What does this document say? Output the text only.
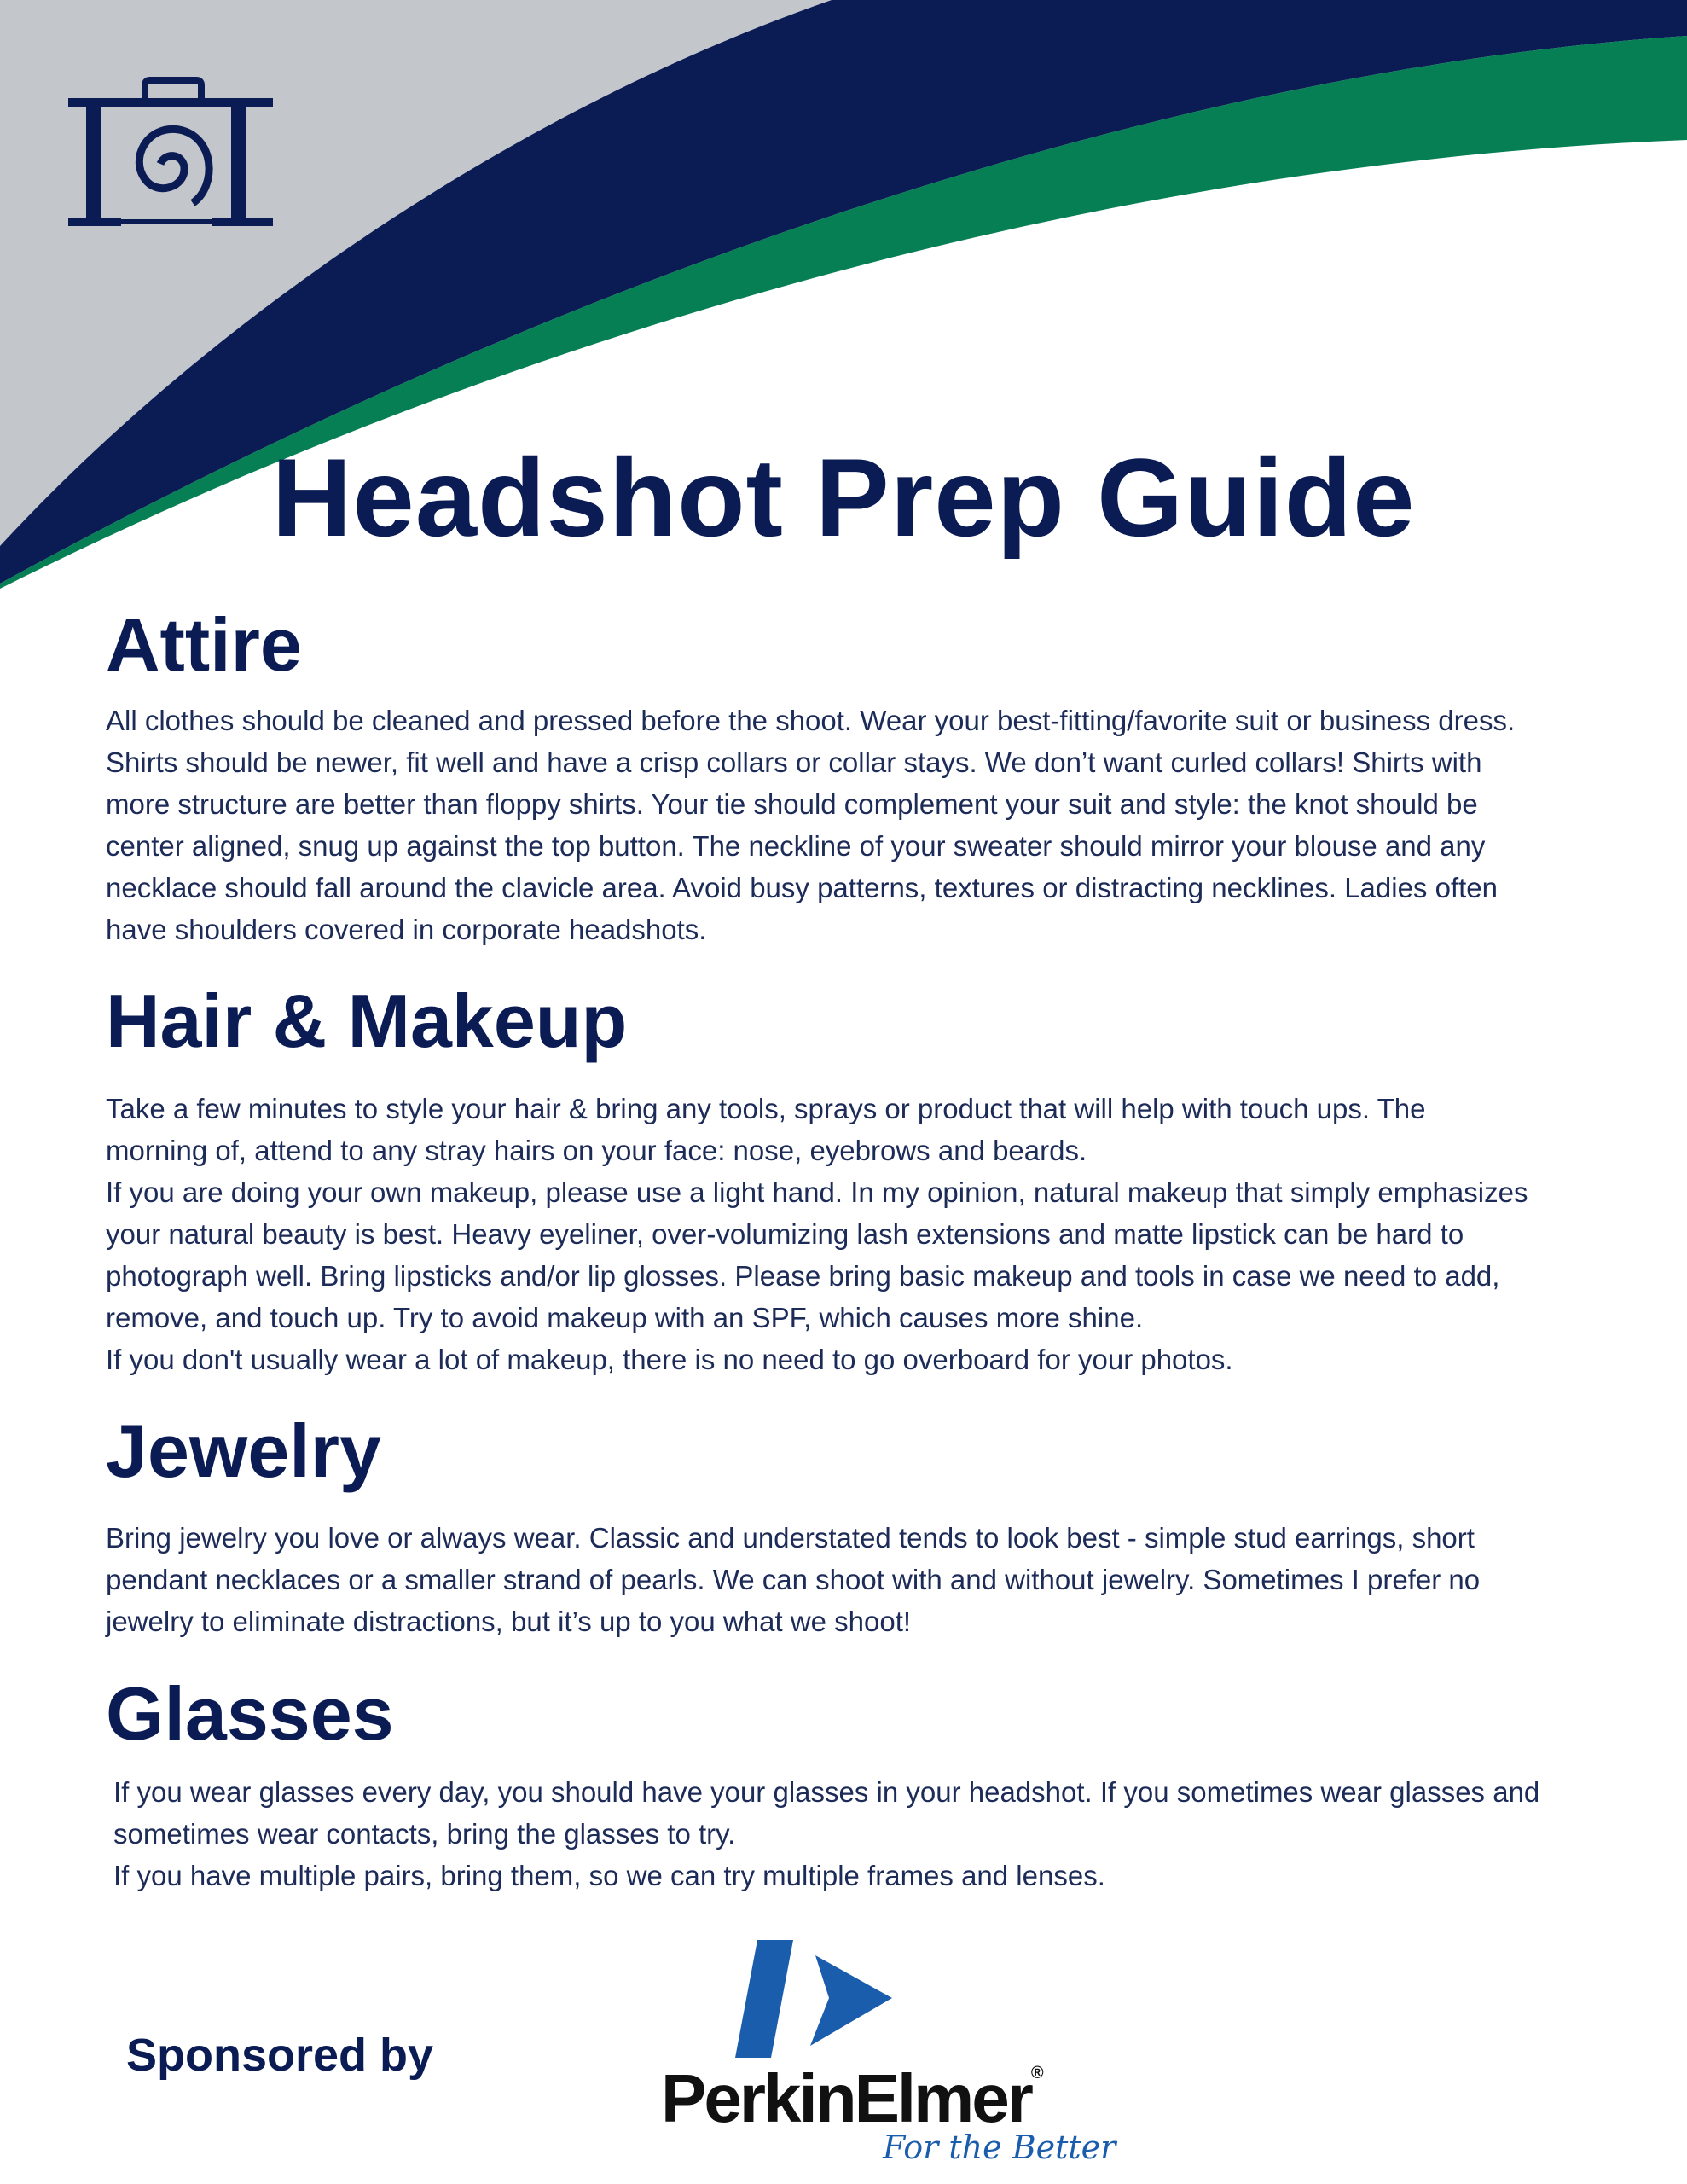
Headshot Prep Guide
Attire

All clothes should be cleaned and pressed before the shoot. Wear your best-fitting/favorite suit or business dress.

Shirts should be newer, fit well and have a crisp collars or collar stays. We don’t want curled collars! Shirts with

more structure are better than floppy shirts. Your tie should complement your suit and style: the knot should be

center aligned, snug up against the top button. The neckline of your sweater should mirror your blouse and any

necklace should fall around the clavicle area. Avoid busy patterns, textures or distracting necklines. Ladies often

have shoulders covered in corporate headshots.

Hair & Makeup

Take a few minutes to style your hair & bring any tools, sprays or product that will help with touch ups. The

morning of, attend to any stray hairs on your face: nose, eyebrows and beards.

If you are doing your own makeup, please use a light hand. In my opinion, natural makeup that simply emphasizes

your natural beauty is best. Heavy eyeliner, over-volumizing lash extensions and matte lipstick can be hard to

photograph well. Bring lipsticks and/or lip glosses. Please bring basic makeup and tools in case we need to add,

remove, and touch up. Try to avoid makeup with an SPF, which causes more shine.

If you don't usually wear a lot of makeup, there is no need to go overboard for your photos.

Jewelry

Bring jewelry you love or always wear. Classic and understated tends to look best - simple stud earrings, short

pendant necklaces or a smaller strand of pearls. We can shoot with and without jewelry. Sometimes I prefer no

jewelry to eliminate distractions, but it’s up to you what we shoot!

Glasses

If you wear glasses every day, you should have your glasses in your headshot. If you sometimes wear glasses and

sometimes wear contacts, bring the glasses to try.

If you have multiple pairs, bring them, so we can try multiple frames and lenses.

Sponsored by
PerkinElmer®
For the Better
